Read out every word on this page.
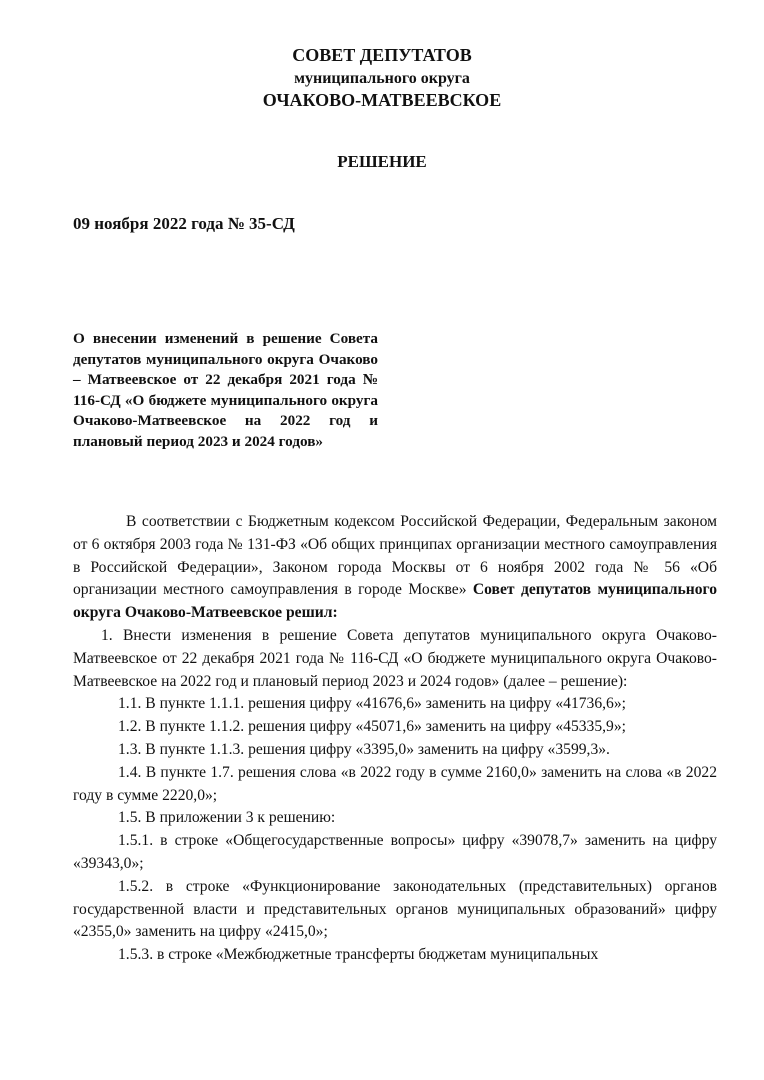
СОВЕТ ДЕПУТАТОВ
муниципального округа
ОЧАКОВО-МАТВЕЕВСКОЕ
РЕШЕНИЕ
09 ноября 2022 года № 35-СД
О внесении изменений в решение Совета депутатов муниципального округа Очаково – Матвеевское от 22 декабря 2021 года № 116-СД «О бюджете муниципального округа Очаково-Матвеевское на 2022 год и плановый период 2023 и 2024 годов»

В соответствии с Бюджетным кодексом Российской Федерации, Федеральным законом от 6 октября 2003 года № 131-ФЗ «Об общих принципах организации местного самоуправления в Российской Федерации», Законом города Москвы от 6 ноября 2002 года № 56 «Об организации местного самоуправления в городе Москве» Совет депутатов муниципального округа Очаково-Матвеевское решил:

1. Внести изменения в решение Совета депутатов муниципального округа Очаково-Матвеевское от 22 декабря 2021 года № 116-СД «О бюджете муниципального округа Очаково-Матвеевское на 2022 год и плановый период 2023 и 2024 годов» (далее – решение):

1.1. В пункте 1.1.1. решения цифру «41676,6» заменить на цифру «41736,6»;

1.2. В пункте 1.1.2. решения цифру «45071,6» заменить на цифру «45335,9»;

1.3. В пункте 1.1.3. решения цифру «3395,0» заменить на цифру «3599,3».

1.4. В пункте 1.7. решения слова «в 2022 году в сумме 2160,0» заменить на слова «в 2022 году в сумме 2220,0»;

1.5. В приложении 3 к решению:

1.5.1. в строке «Общегосударственные вопросы» цифру «39078,7» заменить на цифру «39343,0»;

1.5.2. в строке «Функционирование законодательных (представительных) органов государственной власти и представительных органов муниципальных образований» цифру «2355,0» заменить на цифру «2415,0»;

1.5.3. в строке «Межбюджетные трансферты бюджетам муниципальных
